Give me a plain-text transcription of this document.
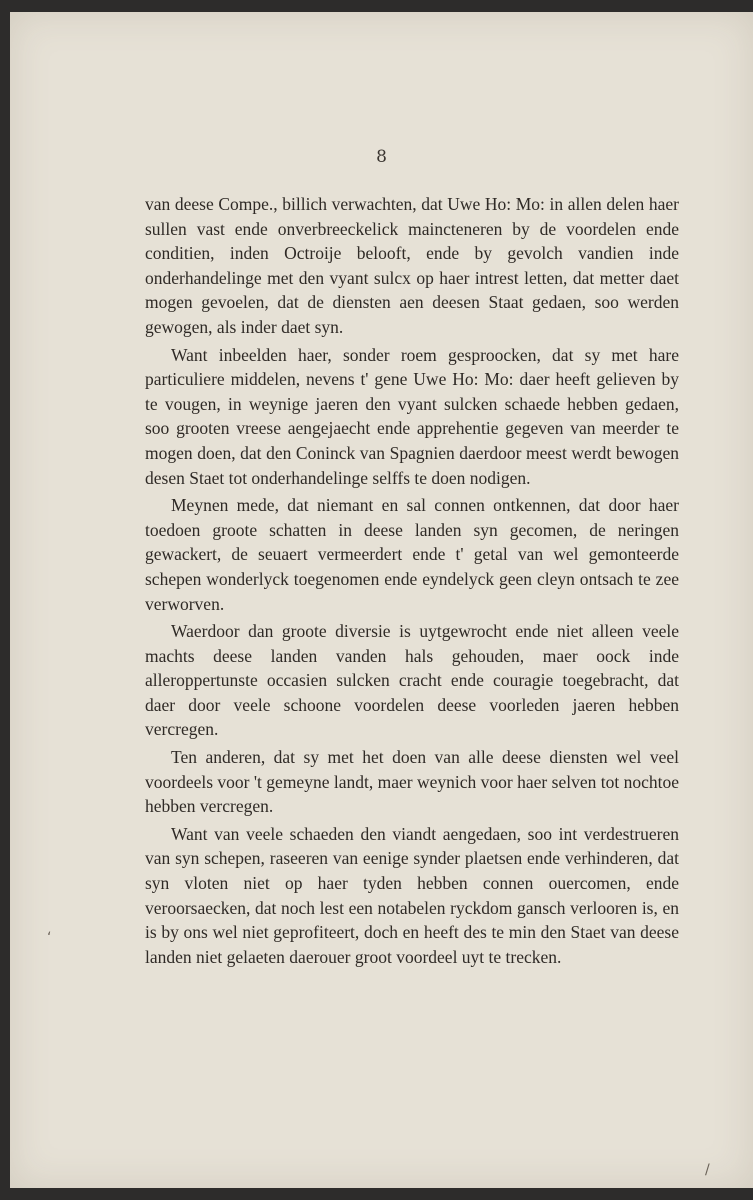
8

van deese Compe., billich verwachten, dat Uwe Ho: Mo: in allen delen haer sullen vast ende onverbreeckelick maincteneren by de voordelen ende conditien, inden Octroije belooft, ende by gevolch vandien inde onderhandelinge met den vyant sulcx op haer intrest letten, dat metter daet mogen gevoelen, dat de diensten aen deesen Staat gedaen, soo werden gewogen, als inder daet syn.

Want inbeelden haer, sonder roem gesproocken, dat sy met hare particuliere middelen, nevens t' gene Uwe Ho: Mo: daer heeft gelieven by te vougen, in weynige jaeren den vyant sulcken schaede hebben gedaen, soo grooten vreese aengejaecht ende apprehentie gegeven van meerder te mogen doen, dat den Coninck van Spagnien daerdoor meest werdt bewogen desen Staet tot onderhandelinge selffs te doen nodigen.

Meynen mede, dat niemant en sal connen ontkennen, dat door haer toedoen groote schatten in deese landen syn gecomen, de neringen gewackert, de seuaert vermeerdert ende t' getal van wel gemonteerde schepen wonderlyck toegenomen ende eyndelyck geen cleyn ontsach te zee verworven.

Waerdoor dan groote diversie is uytgewrocht ende niet alleen veele machts deese landen vanden hals gehouden, maer oock inde alleroppertunste occasien sulcken cracht ende couragie toegebracht, dat daer door veele schoone voordelen deese voorleden jaeren hebben vercregen.

Ten anderen, dat sy met het doen van alle deese diensten wel veel voordeels voor 't gemeyne landt, maer weynich voor haer selven tot nochtoe hebben vercregen.

Want van veele schaeden den viandt aengedaen, soo int verdestrueren van syn schepen, raseeren van eenige synder plaetsen ende verhinderen, dat syn vloten niet op haer tyden hebben connen ouercomen, ende veroorsaecken, dat noch lest een notabelen ryckdom gansch verlooren is, en is by ons wel niet geprofiteert, doch en heeft des te min den Staet van deese landen niet gelaeten daerouer groot voordeel uyt te trecken.

‘
/
